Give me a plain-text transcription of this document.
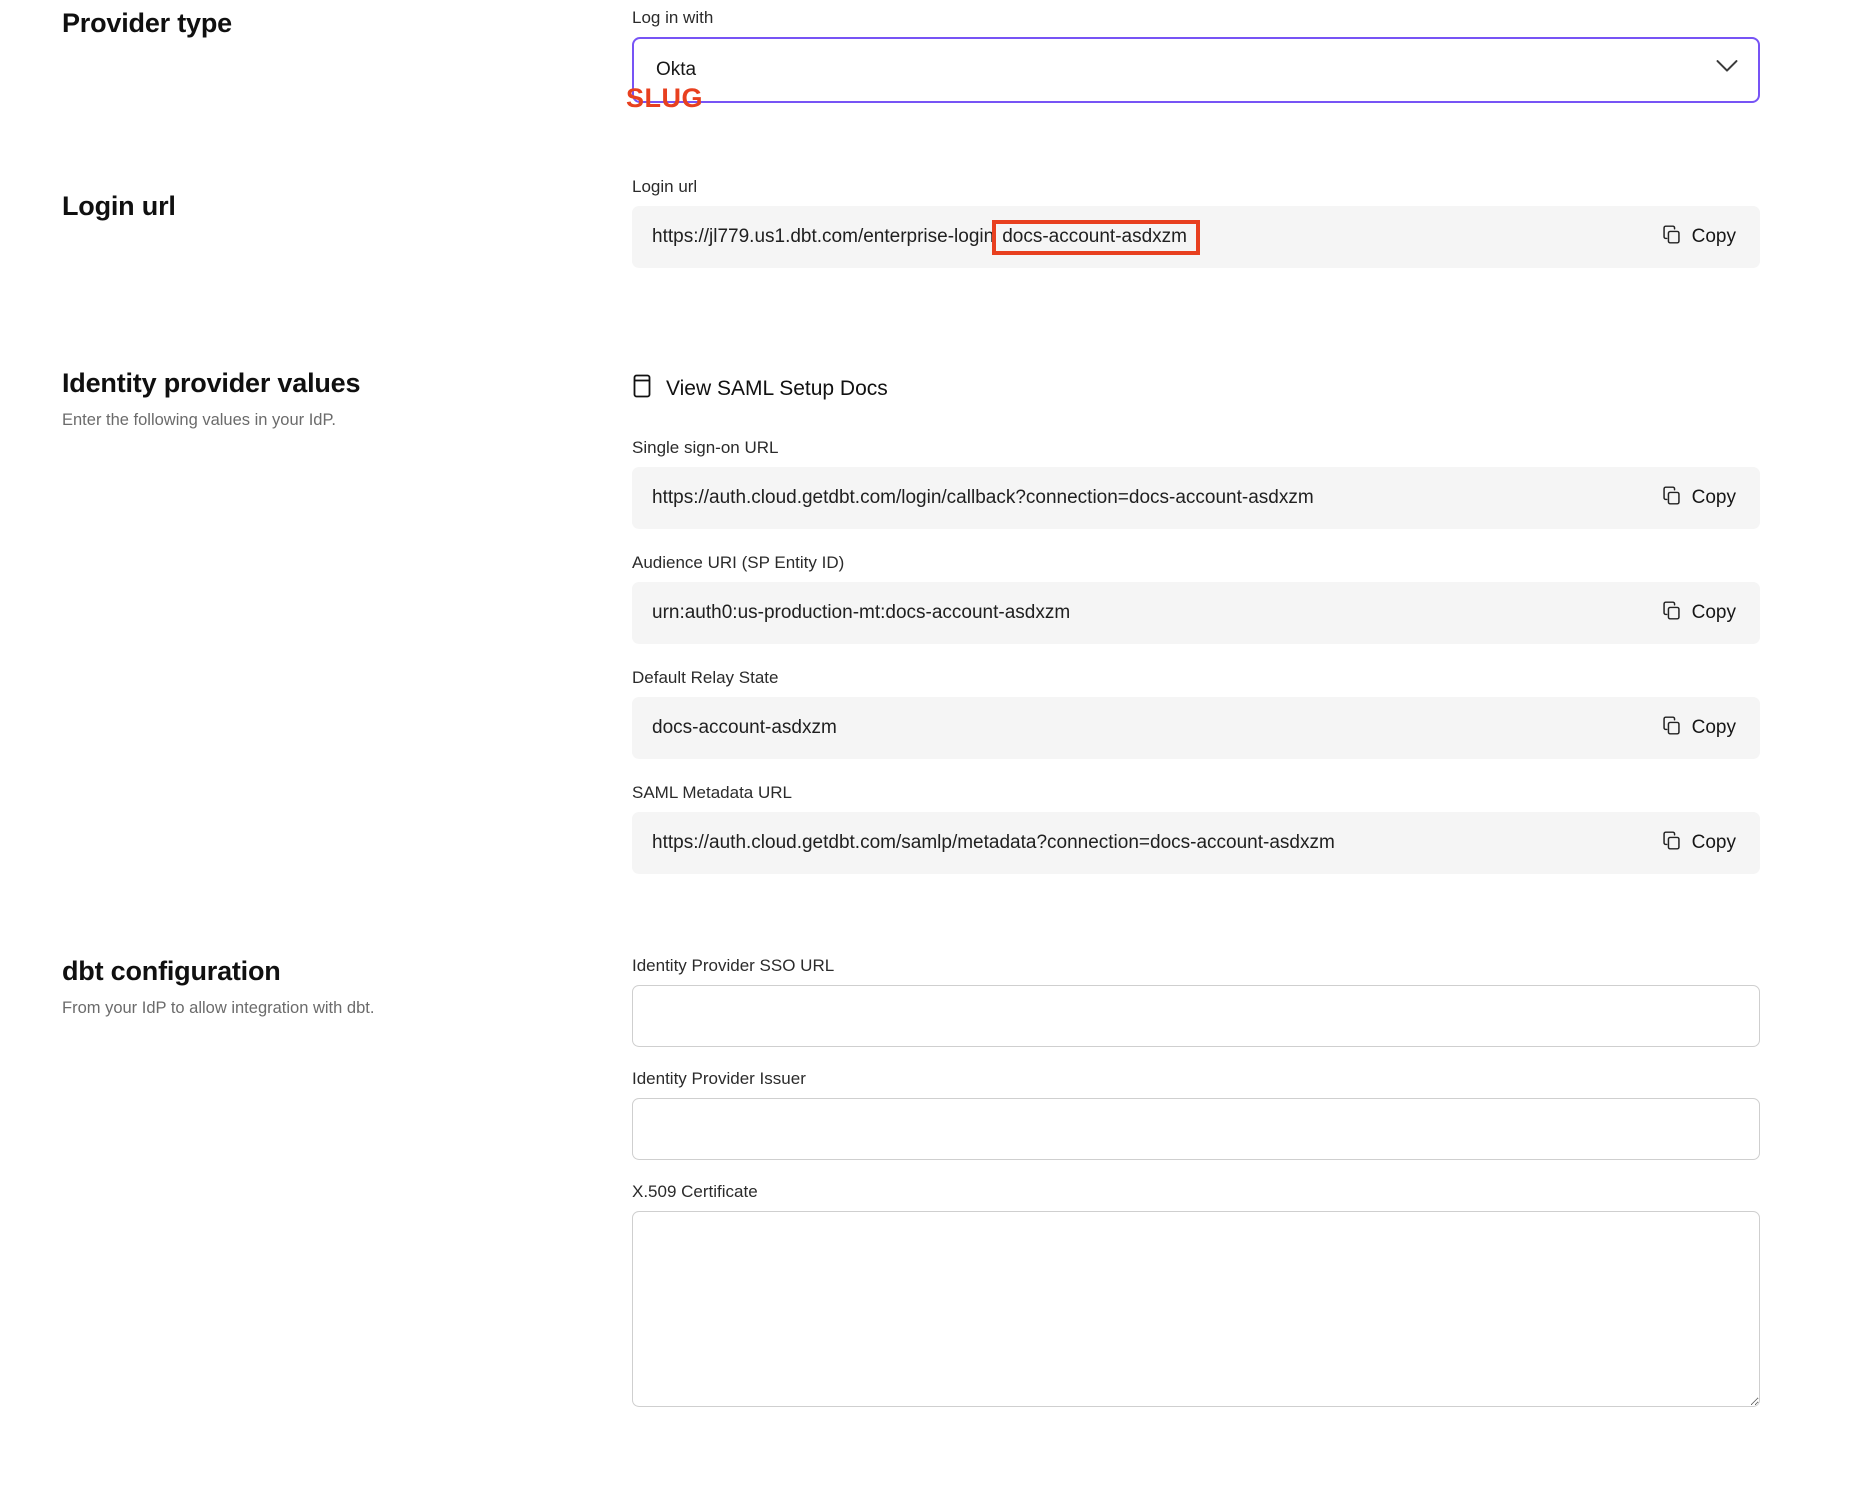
Provider type	Log in with
Okta
Login url
SLUG
Login url
https://jl779.us1.dbt.com/enterprise-login docs-account-asdxzm	Copy
Identity provider values
Enter the following values in your IdP.
View SAML Setup Docs
Single sign-on URL
https://auth.cloud.getdbt.com/login/callback?connection=docs-account-asdxzm	Copy
Audience URI (SP Entity ID)
urn:auth0:us-production-mt:docs-account-asdxzm	Copy
Default Relay State
docs-account-asdxzm	Copy
SAML Metadata URL
https://auth.cloud.getdbt.com/samlp/metadata?connection=docs-account-asdxzm	Copy
dbt configuration
From your IdP to allow integration with dbt.
Identity Provider SSO URL
Identity Provider Issuer
X.509 Certificate
